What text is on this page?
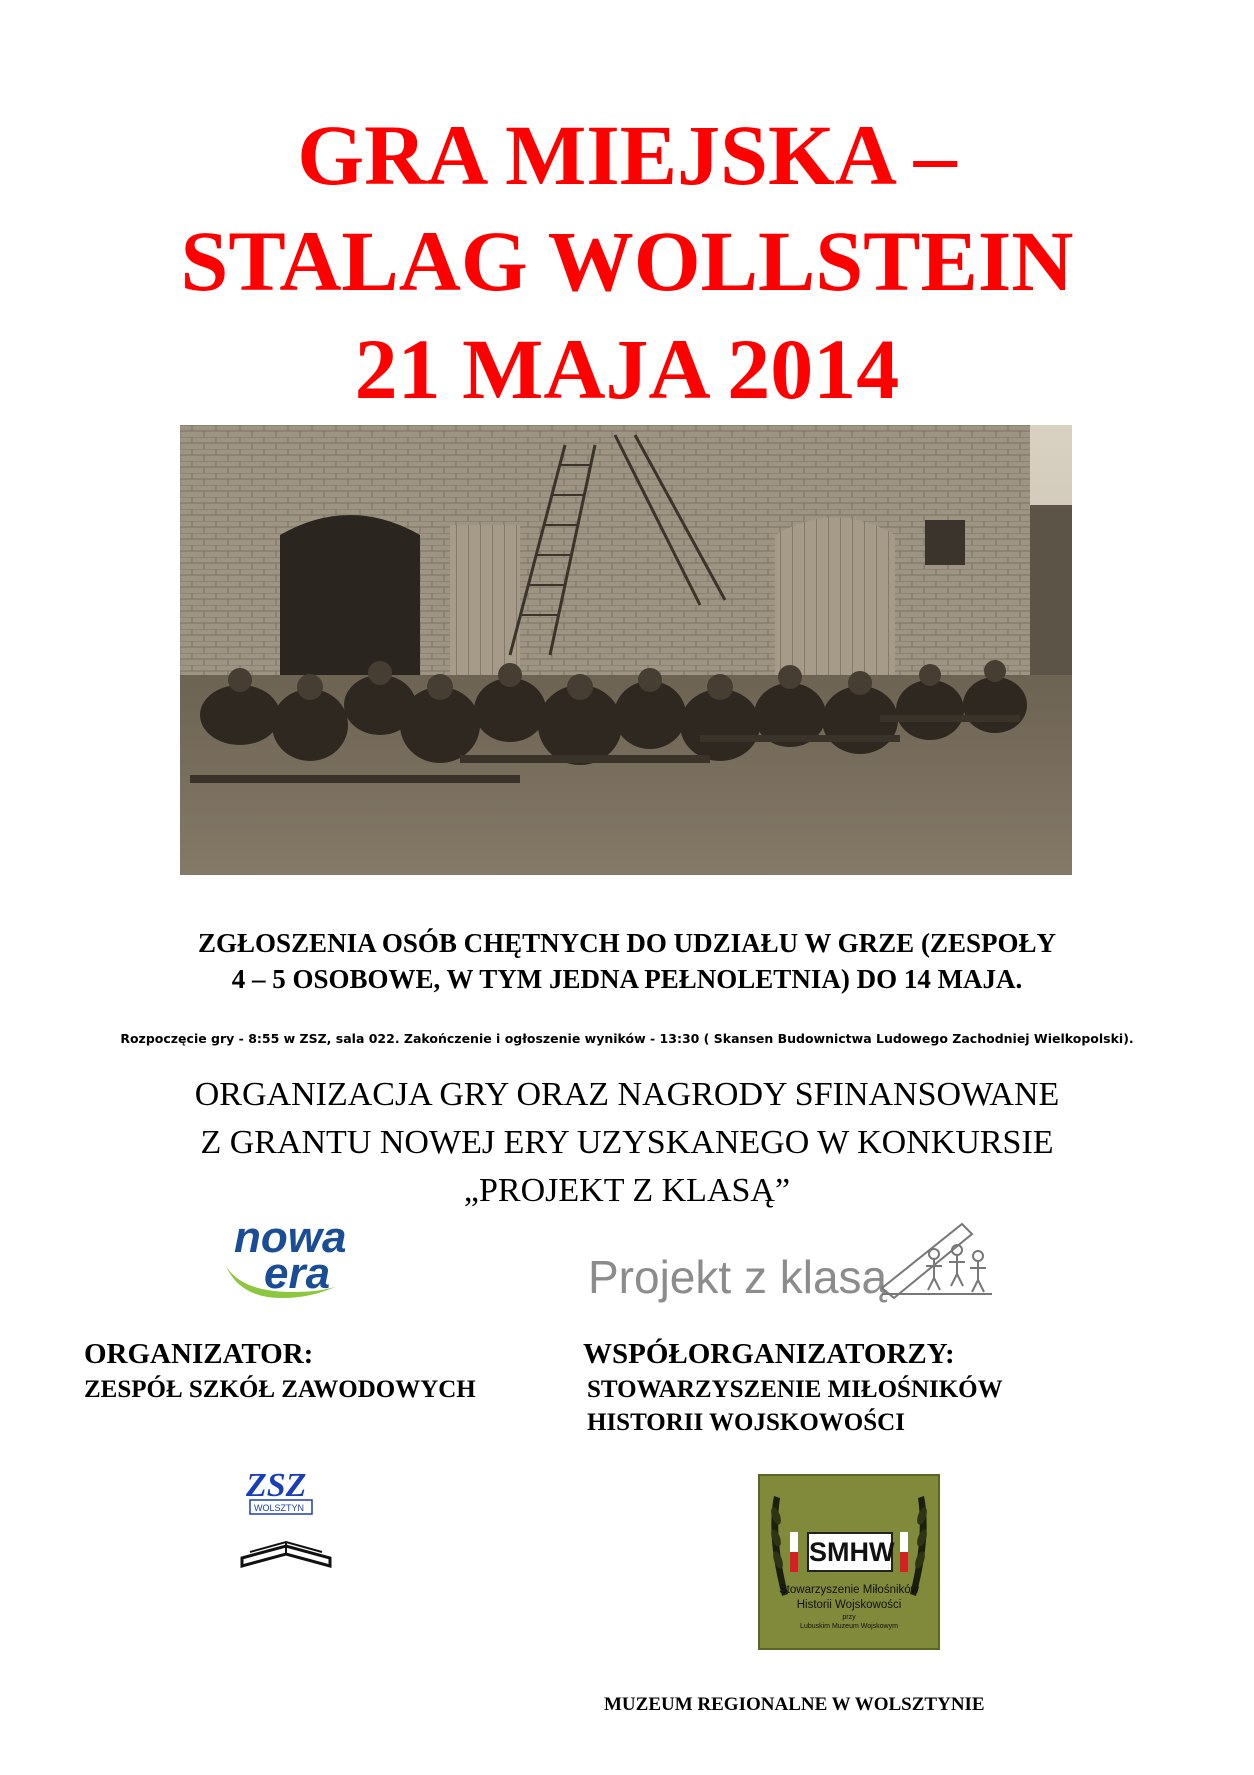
GRA MIEJSKA –
STALAG WOLLSTEIN
21 MAJA 2014
ZGŁOSZENIA OSÓB CHĘTNYCH DO UDZIAŁU W GRZE (ZESPOŁY
4 – 5 OSOBOWE, W TYM JEDNA PEŁNOLETNIA) DO 14 MAJA.
Rozpoczęcie gry - 8:55 w ZSZ, sala 022. Zakończenie i ogłoszenie wyników - 13:30 ( Skansen Budownictwa Ludowego Zachodniej Wielkopolski).
ORGANIZACJA GRY ORAZ NAGRODY SFINANSOWANE
Z GRANTU NOWEJ ERY UZYSKANEGO W KONKURSIE
„PROJEKT Z KLASĄ”
nowa
era	Projekt z klasą
ORGANIZATOR:
ZESPÓŁ SZKÓŁ ZAWODOWYCH
WSPÓŁORGANIZATORZY:
STOWARZYSZENIE MIŁOŚNIKÓW
HISTORII WOJSKOWOŚCI
ZSZ
WOLSZTYN
SMHW
Stowarzyszenie Miłośników
Historii Wojskowości
przy
Lubuskim Muzeum Wojskowym
MUZEUM REGIONALNE W WOLSZTYNIE
